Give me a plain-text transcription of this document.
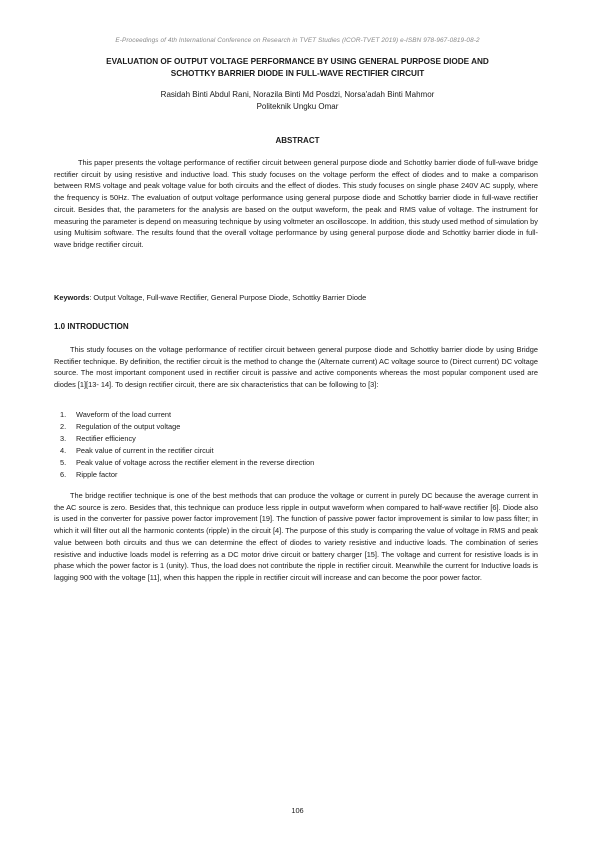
E-Proceedings of 4th International Conference on Research in TVET Studies (ICOR-TVET 2019) e-ISBN 978-967-0819-08-2
EVALUATION OF OUTPUT VOLTAGE PERFORMANCE BY USING GENERAL PURPOSE DIODE AND
SCHOTTKY BARRIER DIODE IN FULL-WAVE RECTIFIER CIRCUIT
Rasidah Binti Abdul Rani, Norazila Binti Md Posdzi, Norsa'adah Binti Mahmor
Politeknik Ungku Omar
ABSTRACT

This paper presents the voltage performance of rectifier circuit between general purpose diode and Schottky barrier diode of full-wave bridge rectifier circuit by using resistive and inductive load. This study focuses on the voltage perform the effect of diodes and to make a comparison between RMS voltage and peak voltage value for both circuits and the effect of diodes. This study focuses on single phase 240V AC supply, where the frequency is 50Hz. The evaluation of output voltage performance using general purpose diode and Schottky barrier diode in full-wave rectifier circuit. Besides that, the parameters for the analysis are based on the output waveform, the peak and RMS value of voltage. The instrument for measuring the parameter is depend on measuring technique by using voltmeter an oscilloscope. In addition, this study used method of simulation by using Multisim software. The results found that the overall voltage performance by using general purpose diode and Schottky barrier diode in full-wave bridge rectifier circuit.

Keywords: Output Voltage, Full-wave Rectifier, General Purpose Diode, Schottky Barrier Diode

1.0 INTRODUCTION

This study focuses on the voltage performance of rectifier circuit between general purpose diode and Schottky barrier diode by using Bridge Rectifier technique. By definition, the rectifier circuit is the method to change the (Alternate current) AC voltage source to (Direct current) DC voltage source. The most important component used in rectifier circuit is passive and active components whereas the most popular component used are diodes [1][13- 14]. To design rectifier circuit, there are six characteristics that can be following to [3]:

1.	Waveform of the load current
2.	Regulation of the output voltage
3.	Rectifier efficiency
4.	Peak value of current in the rectifier circuit
5.	Peak value of voltage across the rectifier element in the reverse direction
6.	Ripple factor

The bridge rectifier technique is one of the best methods that can produce the voltage or current in purely DC because the average current in the AC source is zero. Besides that, this technique can produce less ripple in output waveform when compared to half-wave rectifier [6]. Diode also is used in the converter for passive power factor improvement [19]. The function of passive power factor improvement is similar to low pass filter; in which it will filter out all the harmonic contents (ripple) in the circuit [4]. The purpose of this study is comparing the value of voltage in RMS and peak value between both circuits and thus we can determine the effect of diodes to variety resistive and inductive loads. The combination of series resistive and inductive loads model is referring as a DC motor drive circuit or battery charger [15]. The voltage and current for resistive loads is in phase which the power factor is 1 (unity). Thus, the load does not contribute the ripple in rectifier circuit. Meanwhile the current for Inductive loads is lagging 900 with the voltage [11], when this happen the ripple in rectifier circuit will increase and can become the poor power factor.

106
